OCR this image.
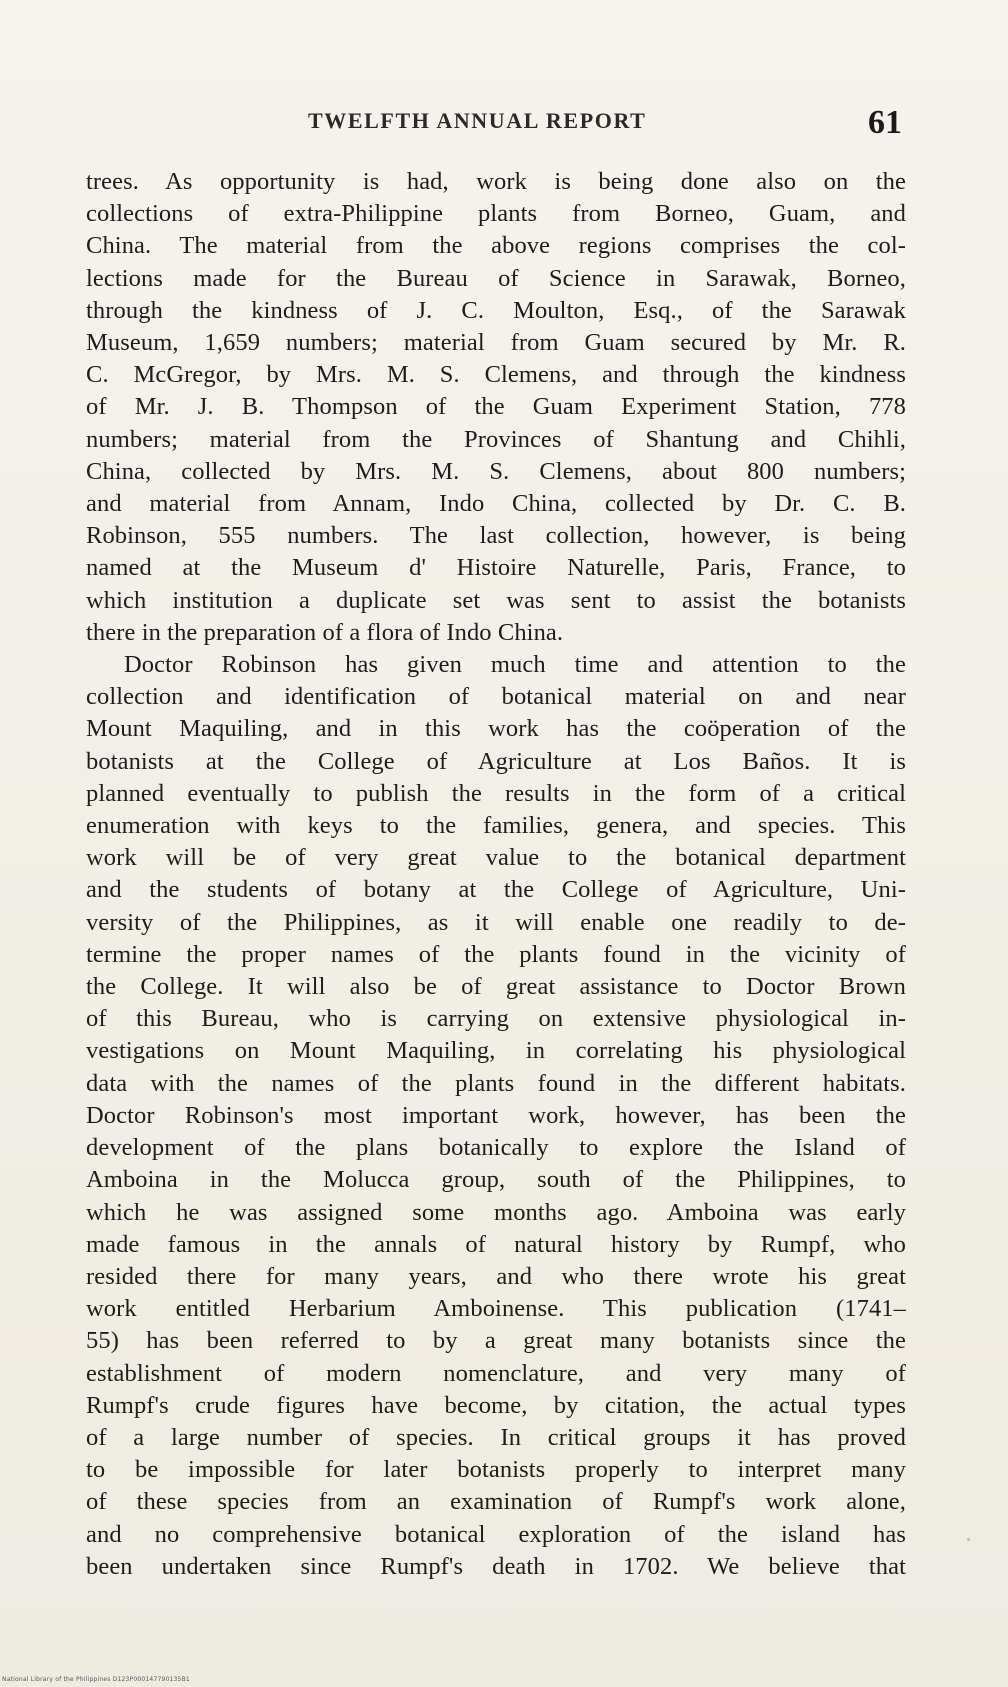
TWELFTH ANNUAL REPORT	61
trees. As opportunity is had, work is being done also on the
collections of extra-Philippine plants from Borneo, Guam, and
China. The material from the above regions comprises the col-
lections made for the Bureau of Science in Sarawak, Borneo,
through the kindness of J. C. Moulton, Esq., of the Sarawak
Museum, 1,659 numbers; material from Guam secured by Mr. R.
C. McGregor, by Mrs. M. S. Clemens, and through the kindness
of Mr. J. B. Thompson of the Guam Experiment Station, 778
numbers; material from the Provinces of Shantung and Chihli,
China, collected by Mrs. M. S. Clemens, about 800 numbers;
and material from Annam, Indo China, collected by Dr. C. B.
Robinson, 555 numbers. The last collection, however, is being
named at the Museum d' Histoire Naturelle, Paris, France, to
which institution a duplicate set was sent to assist the botanists
there in the preparation of a flora of Indo China.
Doctor Robinson has given much time and attention to the
collection and identification of botanical material on and near
Mount Maquiling, and in this work has the coöperation of the
botanists at the College of Agriculture at Los Baños. It is
planned eventually to publish the results in the form of a critical
enumeration with keys to the families, genera, and species. This
work will be of very great value to the botanical department
and the students of botany at the College of Agriculture, Uni-
versity of the Philippines, as it will enable one readily to de-
termine the proper names of the plants found in the vicinity of
the College. It will also be of great assistance to Doctor Brown
of this Bureau, who is carrying on extensive physiological in-
vestigations on Mount Maquiling, in correlating his physiological
data with the names of the plants found in the different habitats.
Doctor Robinson's most important work, however, has been the
development of the plans botanically to explore the Island of
Amboina in the Molucca group, south of the Philippines, to
which he was assigned some months ago. Amboina was early
made famous in the annals of natural history by Rumpf, who
resided there for many years, and who there wrote his great
work entitled Herbarium Amboinense. This publication (1741–
55) has been referred to by a great many botanists since the
establishment of modern nomenclature, and very many of
Rumpf's crude figures have become, by citation, the actual types
of a large number of species. In critical groups it has proved
to be impossible for later botanists properly to interpret many
of these species from an examination of Rumpf's work alone,
and no comprehensive botanical exploration of the island has
been undertaken since Rumpf's death in 1702. We believe that
National Library of the Philippines D123P000147790135B1
